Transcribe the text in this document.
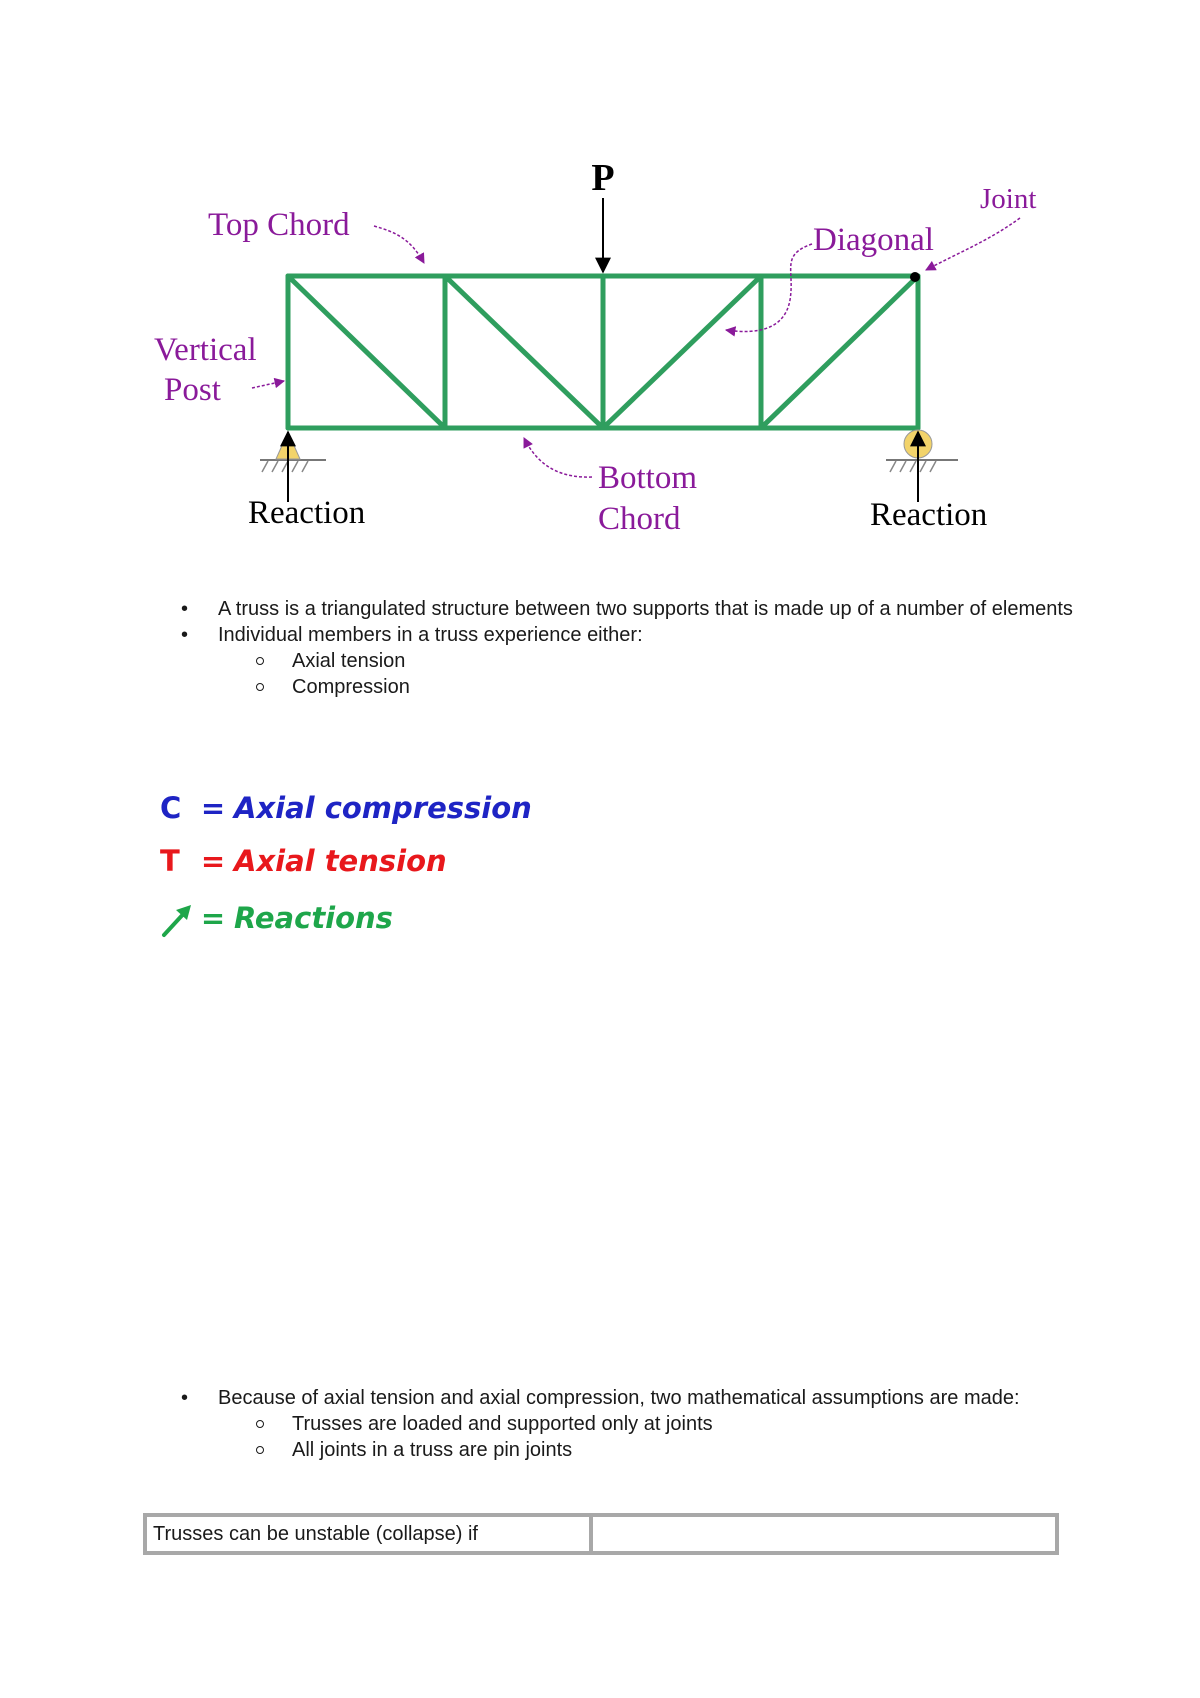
P
Top Chord
Joint
Diagonal
Vertical
Post
Bottom
Chord
Reaction	Reaction
• A truss is a triangulated structure between two supports that is made up of a number of elements
• Individual members in a truss experience either:
Axial tension
Compression
C = Axial compression
T = Axial tension
= Reactions
• Because of axial tension and axial compression, two mathematical assumptions are made:
Trusses are loaded and supported only at joints
All joints in a truss are pin joints
Trusses can be unstable (collapse) if	
